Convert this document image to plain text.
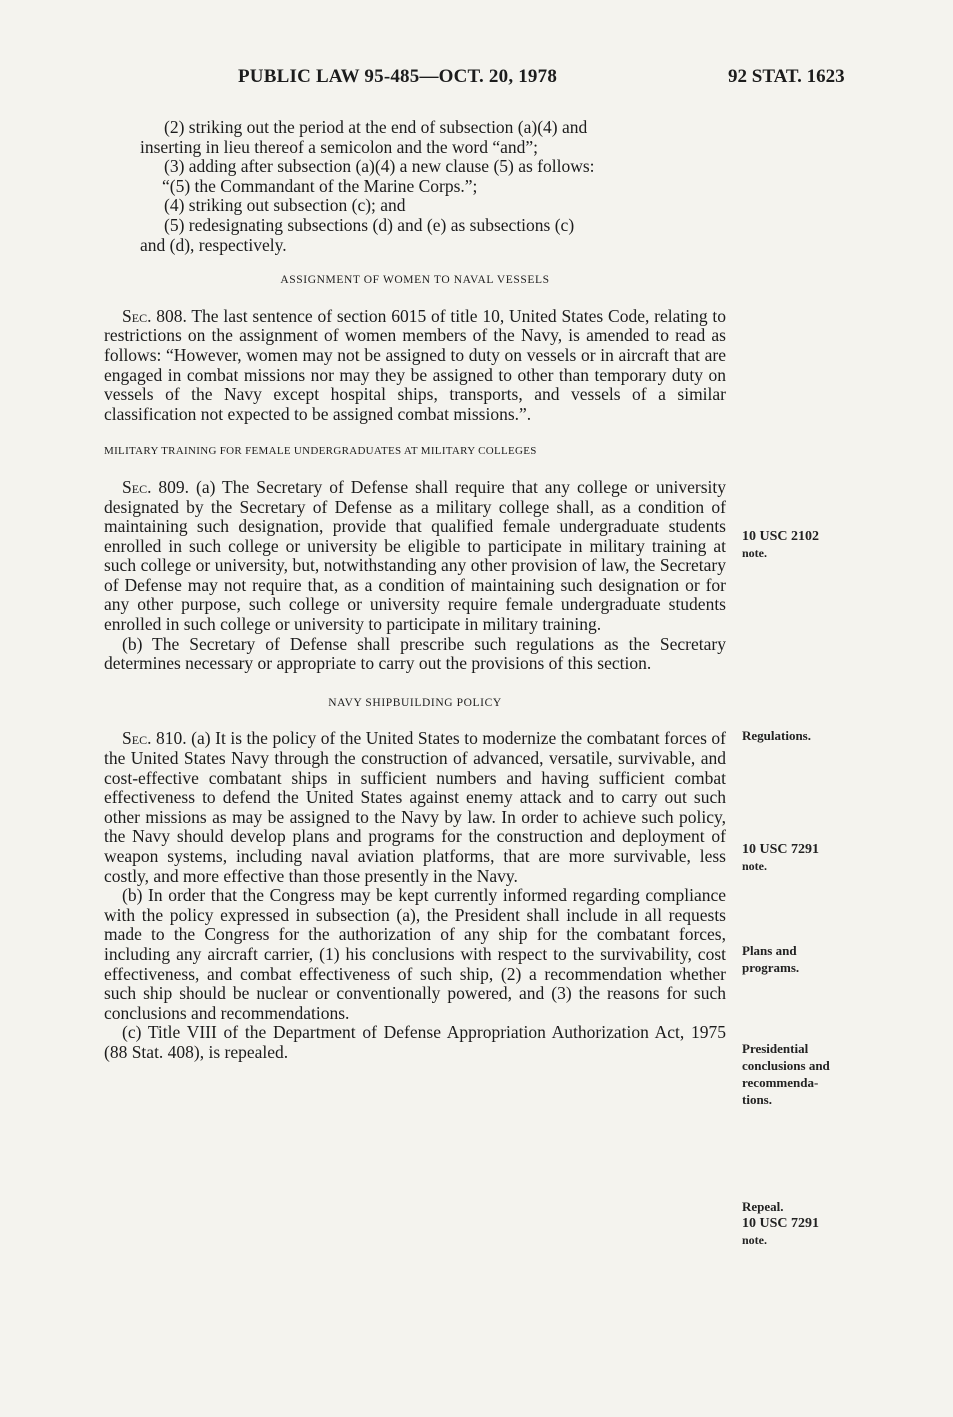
PUBLIC LAW 95-485—OCT. 20, 1978	92 STAT. 1623

(2) striking out the period at the end of subsection (a)(4) and

inserting in lieu thereof a semicolon and the word “and”;

(3) adding after subsection (a)(4) a new clause (5) as follows:

“(5) the Commandant of the Marine Corps.”;

(4) striking out subsection (c); and

(5) redesignating subsections (d) and (e) as subsections (c)

and (d), respectively.

ASSIGNMENT OF WOMEN TO NAVAL VESSELS

Sec. 808. The last sentence of section 6015 of title 10, United States Code, relating to restrictions on the assignment of women members of the Navy, is amended to read as follows: “However, women may not be assigned to duty on vessels or in aircraft that are engaged in combat missions nor may they be assigned to other than temporary duty on vessels of the Navy except hospital ships, transports, and vessels of a similar classification not expected to be assigned combat missions.”.

MILITARY TRAINING FOR FEMALE UNDERGRADUATES AT MILITARY COLLEGES

Sec. 809. (a) The Secretary of Defense shall require that any college or university designated by the Secretary of Defense as a military college shall, as a condition of maintaining such designation, provide that qualified female undergraduate students enrolled in such college or university be eligible to participate in military training at such college or university, but, notwithstanding any other provision of law, the Secretary of Defense may not require that, as a condition of maintaining such designation or for any other purpose, such college or university require female undergraduate students enrolled in such college or university to participate in military training.

(b) The Secretary of Defense shall prescribe such regulations as the Secretary determines necessary or appropriate to carry out the provisions of this section.

NAVY SHIPBUILDING POLICY

Sec. 810. (a) It is the policy of the United States to modernize the combatant forces of the United States Navy through the construction of advanced, versatile, survivable, and cost-effective combatant ships in sufficient numbers and having sufficient combat effectiveness to defend the United States against enemy attack and to carry out such other missions as may be assigned to the Navy by law. In order to achieve such policy, the Navy should develop plans and programs for the construction and deployment of weapon systems, including naval aviation platforms, that are more survivable, less costly, and more effective than those presently in the Navy.

(b) In order that the Congress may be kept currently informed regarding compliance with the policy expressed in subsection (a), the President shall include in all requests made to the Congress for the authorization of any ship for the combatant forces, including any aircraft carrier, (1) his conclusions with respect to the survivability, cost effectiveness, and combat effectiveness of such ship, (2) a recommendation whether such ship should be nuclear or conventionally powered, and (3) the reasons for such conclusions and recommendations.

(c) Title VIII of the Department of Defense Appropriation Authorization Act, 1975 (88 Stat. 408), is repealed.

10 USC 2102
note.
Regulations.
10 USC 7291
note.
Plans and
programs.
Presidential
conclusions and
recommenda-
tions.
Repeal.
10 USC 7291
note.
